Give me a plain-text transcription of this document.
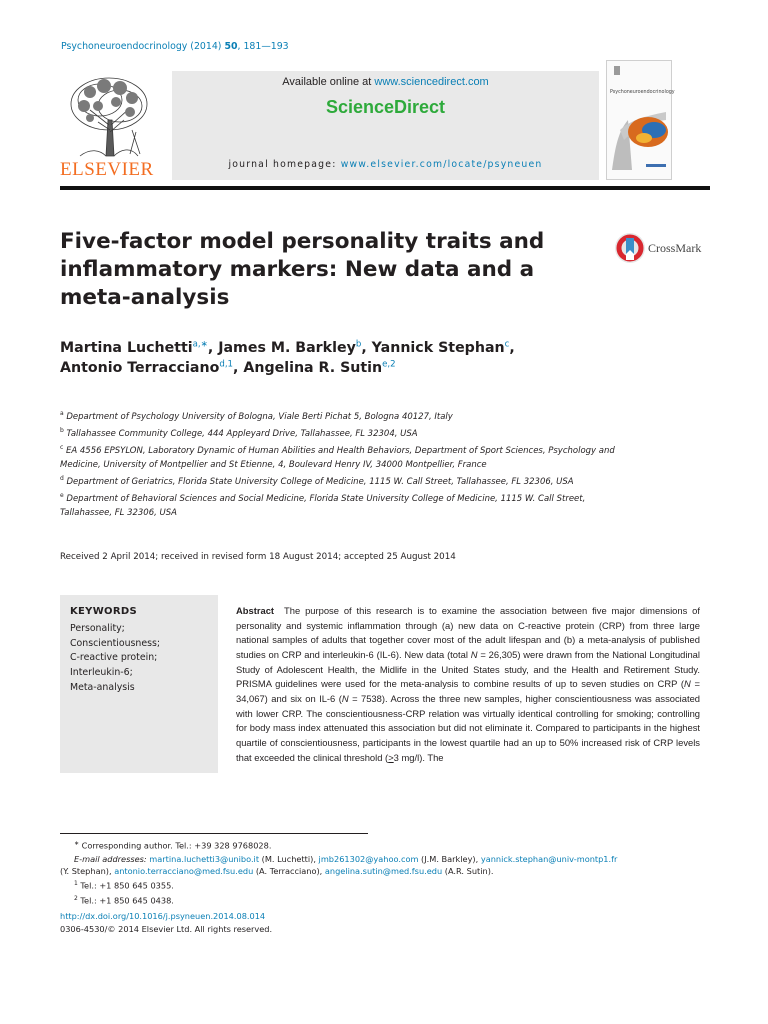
Psychoneuroendocrinology (2014) 50, 181—193
ELSEVIER
Available online at www.sciencedirect.com
ScienceDirect
journal homepage: www.elsevier.com/locate/psyneuen
Psychoneuroendocrinology
Five-factor model personality traits and inflammatory markers: New data and a meta-analysis
CrossMark
Martina Luchetti$^{a,∗}$, James M. Barkley$^b$, Yannick Stephan$^c$,
Antonio Terracciano$^{d,1}$, Angelina R. Sutin$^{e,2}$
$^a$ Department of Psychology University of Bologna, Viale Berti Pichat 5, Bologna 40127, Italy
$^b$ Tallahassee Community College, 444 Appleyard Drive, Tallahassee, FL 32304, USA
$^c$ EA 4556 EPSYLON, Laboratory Dynamic of Human Abilities and Health Behaviors, Department of Sport Sciences, Psychology and Medicine, University of Montpellier and St Etienne, 4, Boulevard Henry IV, 34000 Montpellier, France
$^d$ Department of Geriatrics, Florida State University College of Medicine, 1115 W. Call Street, Tallahassee, FL 32306, USA
$^e$ Department of Behavioral Sciences and Social Medicine, Florida State University College of Medicine, 1115 W. Call Street, Tallahassee, FL 32306, USA
Received 2 April 2014; received in revised form 18 August 2014; accepted 25 August 2014
KEYWORDS
Personality;
Conscientiousness;
C-reactive protein;
Interleukin-6;
Meta-analysis
Abstract The purpose of this research is to examine the association between five major dimensions of personality and systemic inflammation through (a) new data on C-reactive protein (CRP) from three large national samples of adults that together cover most of the adult lifespan and (b) a meta-analysis of published studies on CRP and interleukin-6 (IL-6). New data (total N = 26,305) were drawn from the National Longitudinal Study of Adolescent Health, the Midlife in the United States study, and the Health and Retirement Study. PRISMA guidelines were used for the meta-analysis to combine results of up to seven studies on CRP (N = 34,067) and six on IL-6 (N = 7538). Across the three new samples, higher conscientiousness was associated with lower CRP. The conscientiousness-CRP relation was virtually identical controlling for smoking; controlling for body mass index attenuated this association but did not eliminate it. Compared to participants in the highest quartile of conscientiousness, participants in the lowest quartile had an up to 50% increased risk of CRP levels that exceeded the clinical threshold (≥3 mg/l). The
∗ Corresponding author. Tel.: +39 328 9768028.
E-mail addresses: martina.luchetti3@unibo.it (M. Luchetti), jmb261302@yahoo.com (J.M. Barkley), yannick.stephan@univ-montp1.fr
(Y. Stephan), antonio.terracciano@med.fsu.edu (A. Terracciano), angelina.sutin@med.fsu.edu (A.R. Sutin).
$^1$ Tel.: +1 850 645 0355.
$^2$ Tel.: +1 850 645 0438.
http://dx.doi.org/10.1016/j.psyneuen.2014.08.014
0306-4530/© 2014 Elsevier Ltd. All rights reserved.
